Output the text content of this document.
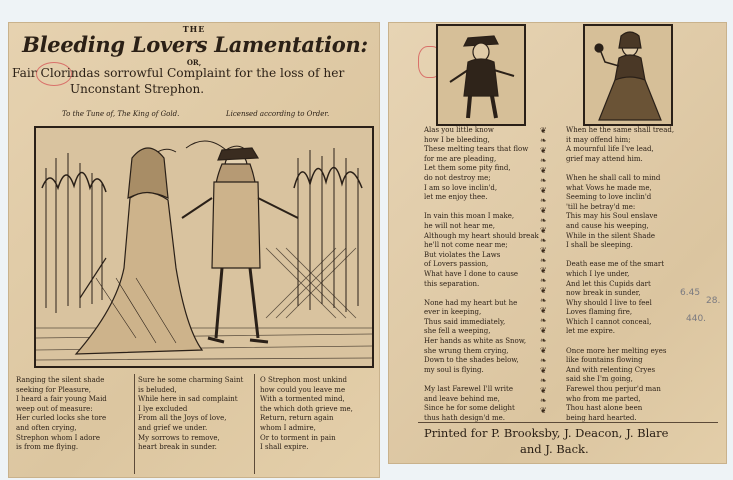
THE
Bleeding Lovers Lamentation:
OR,
Fair Clorindas sorrowful Complaint for the loss of her
Unconstant Strephon.
To the Tune of, The King of Gold.	Licensed according to Order.
Ranging the silent shade
seeking for Pleasure,
I heard a fair young Maid
weep out of measure:
Her curled locks she tore
and often crying,
Strephon whom I adore
is from me flying.
Sure he some charming Saint
is beluded,
While here in sad complaint
I lye excluded
From all the Joys of love,
and grief we under.
My sorrows to remove,
heart break in sunder.
O Strephon most unkind
how could you leave me
With a tormented mind,
the which doth grieve me,
Return, return again
whom I admire,
Or to torment in pain
I shall expire.
Alas you little know
how I be bleeding,
These melting tears that flow
for me are pleading,
Let them some pity find,
do not destroy me;
I am so love inclin'd,
let me enjoy thee.

In vain this moan I make,
he will not hear me,
Although my heart should break
he'll not come near me;
But violates the Laws
of Lovers passion,
What have I done to cause
this separation.

None had my heart but he
ever in keeping,
Thus said immediately,
she fell a weeping,
Her hands as white as Snow,
she wrung them crying,
Down to the shades below,
my soul is flying.

My last Farewel I'll write
and leave behind me,
Since he for some delight
thus hath design'd me.
❦
❧
❦
❧
❦
❧
❦
❧
❦
❧
❦
❧
❦
❧
❦
❧
❦
❧
❦
❧
❦
❧
❦
❧
❦
❧
❦
❧
❦
When he the same shall tread,
it may offend him;
A mournful life I've lead,
grief may attend him.

When he shall call to mind
what Vows he made me,
Seeming to love inclin'd
'till he betray'd me:
This may his Soul enslave
and cause his weeping,
While in the silent Shade
I shall be sleeping.

Death ease me of the smart
which I lye under,
And let this Cupids dart
now break in sunder,
Why should I live to feel
Loves flaming fire,
Which I cannot conceal,
let me expire.

Once more her melting eyes
like fountains flowing
And with relenting Cryes
said she I'm going,
Farewel thou perjur'd man
who from me parted,
Thou hast alone been
being hard hearted.
6.45
28.
440.
Printed for P. Brooksby, J. Deacon, J. Blare
and J. Back.
